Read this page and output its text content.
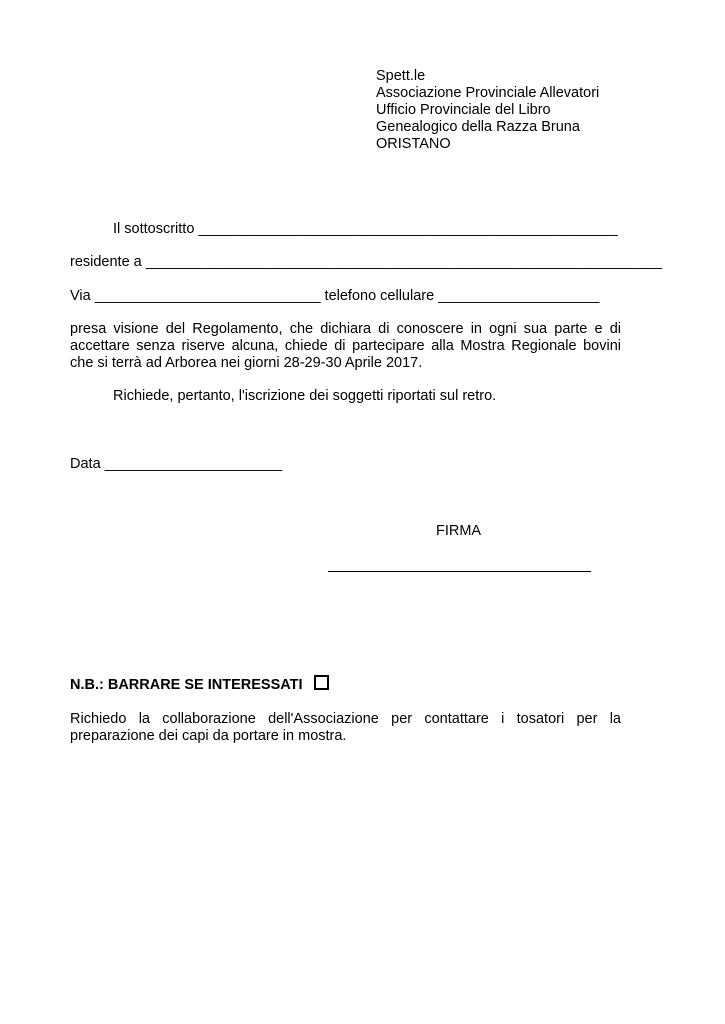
Spett.le
Associazione Provinciale Allevatori
Ufficio Provinciale del Libro
Genealogico della Razza Bruna
ORISTANO
Il sottoscritto ____________________________________________________
residente a ________________________________________________________________
Via ____________________________ telefono cellulare ____________________
presa visione del Regolamento, che dichiara di conoscere in ogni sua parte e di accettare senza riserve alcuna, chiede di partecipare alla Mostra Regionale bovini che si terrà ad Arborea nei giorni 28-29-30 Aprile 2017.
Richiede, pertanto, l'iscrizione dei soggetti riportati sul retro.
Data ______________________
FIRMA
N.B.: BARRARE SE INTERESSATI
Richiedo la collaborazione dell'Associazione per contattare i tosatori per la preparazione dei capi da portare in mostra.
